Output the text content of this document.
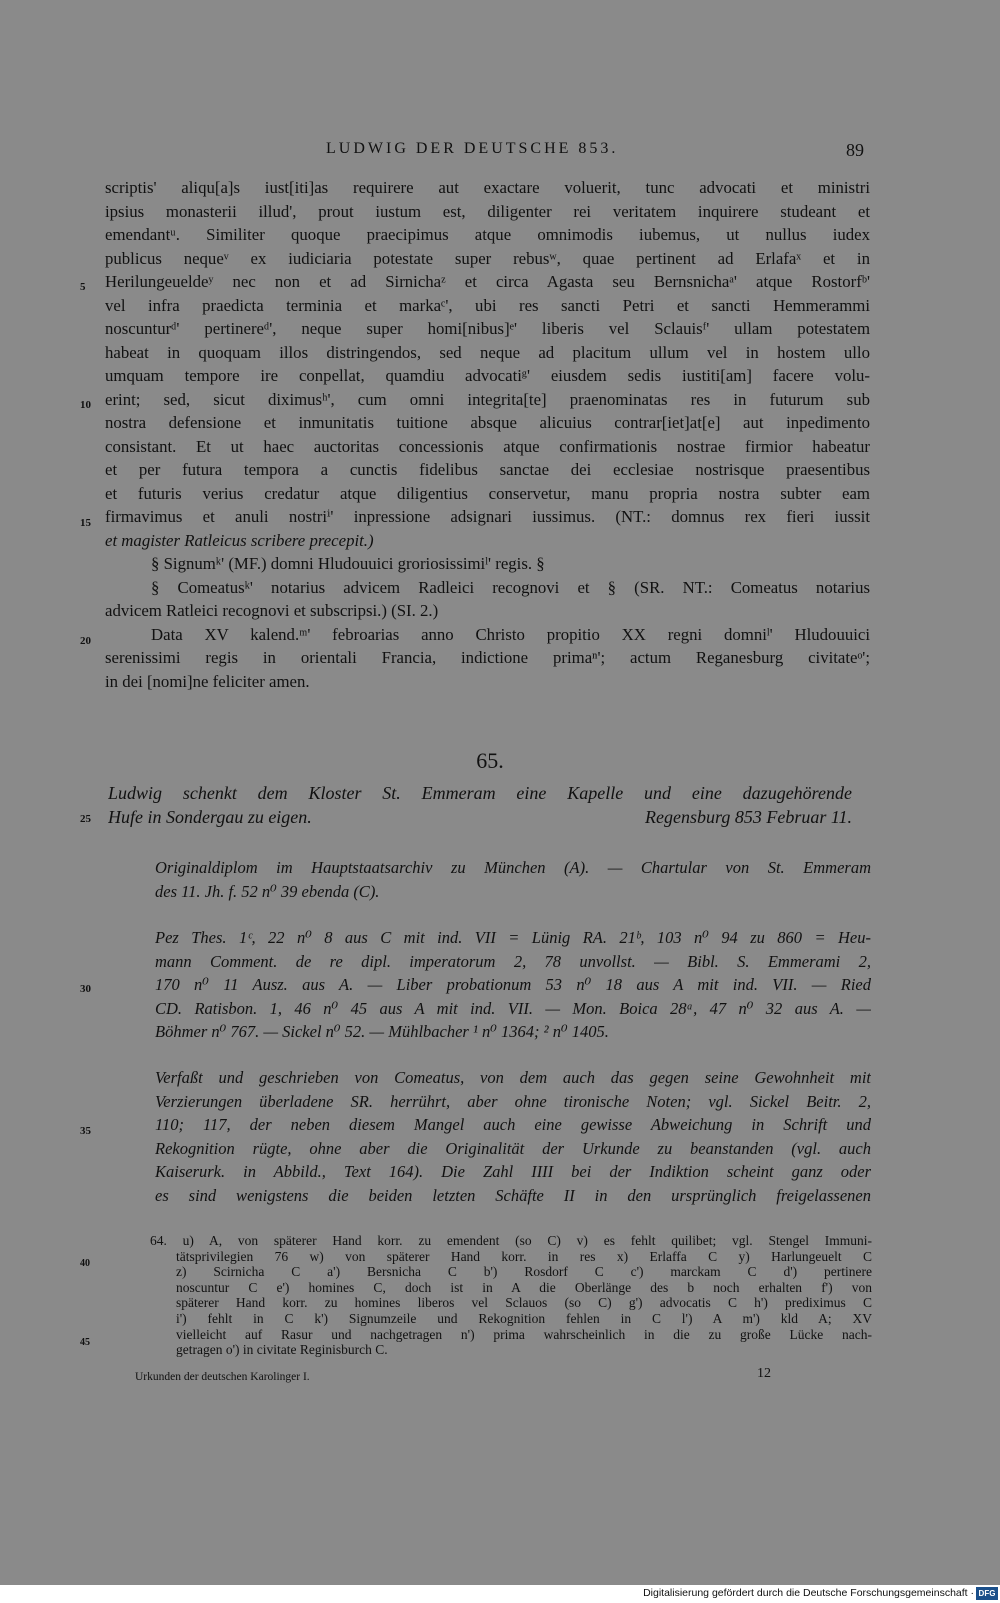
LUDWIG DER DEUTSCHE 853.	89
scriptis' aliqu[a]s iust[iti]as requirere aut exactare voluerit, tunc advocati et ministri
ipsius monasterii illud', prout iustum est, diligenter rei veritatem inquirere studeant et
emendantᵘ. Similiter quoque praecipimus atque omnimodis iubemus, ut nullus iudex
publicus nequeᵛ ex iudiciaria potestate super rebusʷ, quae pertinent ad Erlafaˣ et in
Herilungeueldeʸ nec non et ad Sirnichaᶻ et circa Agasta seu Bernsnichaᵃ' atque Rostorfᵇ'
vel infra praedicta terminia et markaᶜ', ubi res sancti Petri et sancti Hemmerammi
noscunturᵈ' pertinereᵈ', neque super homi[nibus]ᵉ' liberis vel Sclauisᶠ' ullam potestatem
habeat in quoquam illos distringendos, sed neque ad placitum ullum vel in hostem ullo
umquam tempore ire conpellat, quamdiu advocatiᵍ' eiusdem sedis iustiti[am] facere volu-
erint; sed, sicut diximusʰ', cum omni integrita[te] praenominatas res in futurum sub
nostra defensione et inmunitatis tuitione absque alicuius contrar[iet]at[e] aut inpedimento
consistant. Et ut haec auctoritas concessionis atque confirmationis nostrae firmior habeatur
et per futura tempora a cunctis fidelibus sanctae dei ecclesiae nostrisque praesentibus
et futuris verius credatur atque diligentius conservetur, manu propria nostra subter eam
firmavimus et anuli nostriⁱ' inpressione adsignari iussimus. (NT.: domnus rex fieri iussit
et magister Ratleicus scribere precepit.)
§ Signumᵏ' (MF.) domni Hludouuici groriosissimiˡ' regis. §
§ Comeatusᵏ' notarius advicem Radleici recognovi et § (SR. NT.: Comeatus notarius
advicem Ratleici recognovi et subscripsi.) (SI. 2.)
Data XV kalend.ᵐ' febroarias anno Christo propitio XX regni domniˡ' Hludouuici
serenissimi regis in orientali Francia, indictione primaⁿ'; actum Reganesburg civitateᵒ';
in dei [nomi]ne feliciter amen.
5
10
15
20
65.
Ludwig schenkt dem Kloster St. Emmeram eine Kapelle und eine dazugehörende
Hufe in Sondergau zu eigen.	Regensburg 853 Februar 11.
25
Originaldiplom im Hauptstaatsarchiv zu München (A). — Chartular von St. Emmeram
des 11. Jh. f. 52 n⁰ 39 ebenda (C).
Pez Thes. 1ᶜ, 22 n⁰ 8 aus C mit ind. VII = Lünig RA. 21ᵇ, 103 n⁰ 94 zu 860 = Heu-
mann Comment. de re dipl. imperatorum 2, 78 unvollst. — Bibl. S. Emmerami 2,
170 n⁰ 11 Ausz. aus A. — Liber probationum 53 n⁰ 18 aus A mit ind. VII. — Ried
CD. Ratisbon. 1, 46 n⁰ 45 aus A mit ind. VII. — Mon. Boica 28ᵃ, 47 n⁰ 32 aus A. —
Böhmer n⁰ 767. — Sickel n⁰ 52. — Mühlbacher ¹ n⁰ 1364; ² n⁰ 1405.
30
Verfaßt und geschrieben von Comeatus, von dem auch das gegen seine Gewohnheit mit
Verzierungen überladene SR. herrührt, aber ohne tironische Noten; vgl. Sickel Beitr. 2,
110; 117, der neben diesem Mangel auch eine gewisse Abweichung in Schrift und
Rekognition rügte, ohne aber die Originalität der Urkunde zu beanstanden (vgl. auch
Kaiserurk. in Abbild., Text 164). Die Zahl IIII bei der Indiktion scheint ganz oder
es sind wenigstens die beiden letzten Schäfte II in den ursprünglich freigelassenen
35
64. u) A, von späterer Hand korr. zu emendent (so C) v) es fehlt quilibet; vgl. Stengel Immuni-
tätsprivilegien 76 w) von späterer Hand korr. in res x) Erlaffa C y) Harlungeuelt C
z) Scirnicha C a') Bersnicha C b') Rosdorf C c') marckam C d') pertinere
noscuntur C e') homines C, doch ist in A die Oberlänge des b noch erhalten f') von
späterer Hand korr. zu homines liberos vel Sclauos (so C) g') advocatis C h') prediximus C
i') fehlt in C k') Signumzeile und Rekognition fehlen in C l') A m') kld A; XV
vielleicht auf Rasur und nachgetragen n') prima wahrscheinlich in die zu große Lücke nach-
getragen o') in civitate Reginisburch C.
40
45
Urkunden der deutschen Karolinger I.	12
Digitalisierung gefördert durch die Deutsche Forschungsgemeinschaft · DFG
